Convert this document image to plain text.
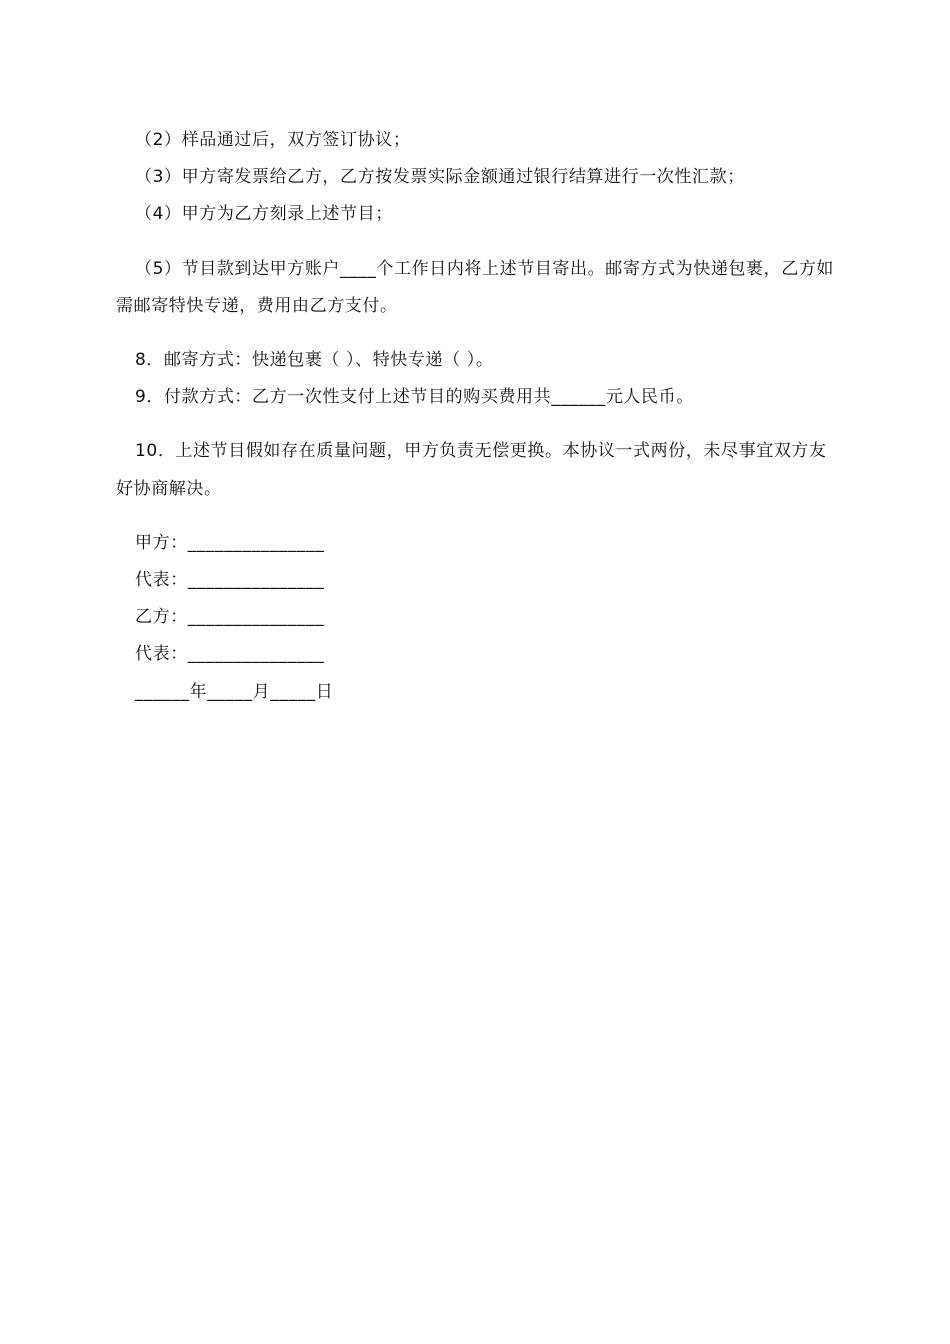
（2）样品通过后，双方签订协议；

（3）甲方寄发票给乙方，乙方按发票实际金额通过银行结算进行一次性汇款；

（4）甲方为乙方刻录上述节目；

（5）节目款到达甲方账户____个工作日内将上述节目寄出。邮寄方式为快递包裹，乙方如需邮寄特快专递，费用由乙方支付。

8．邮寄方式：快递包裹（ ）、特快专递（ ）。

9．付款方式：乙方一次性支付上述节目的购买费用共______元人民币。

10．上述节目假如存在质量问题，甲方负责无偿更换。本协议一式两份，未尽事宜双方友好协商解决。

甲方：_______________

代表：_______________

乙方：_______________

代表：_______________

______年_____月_____日
